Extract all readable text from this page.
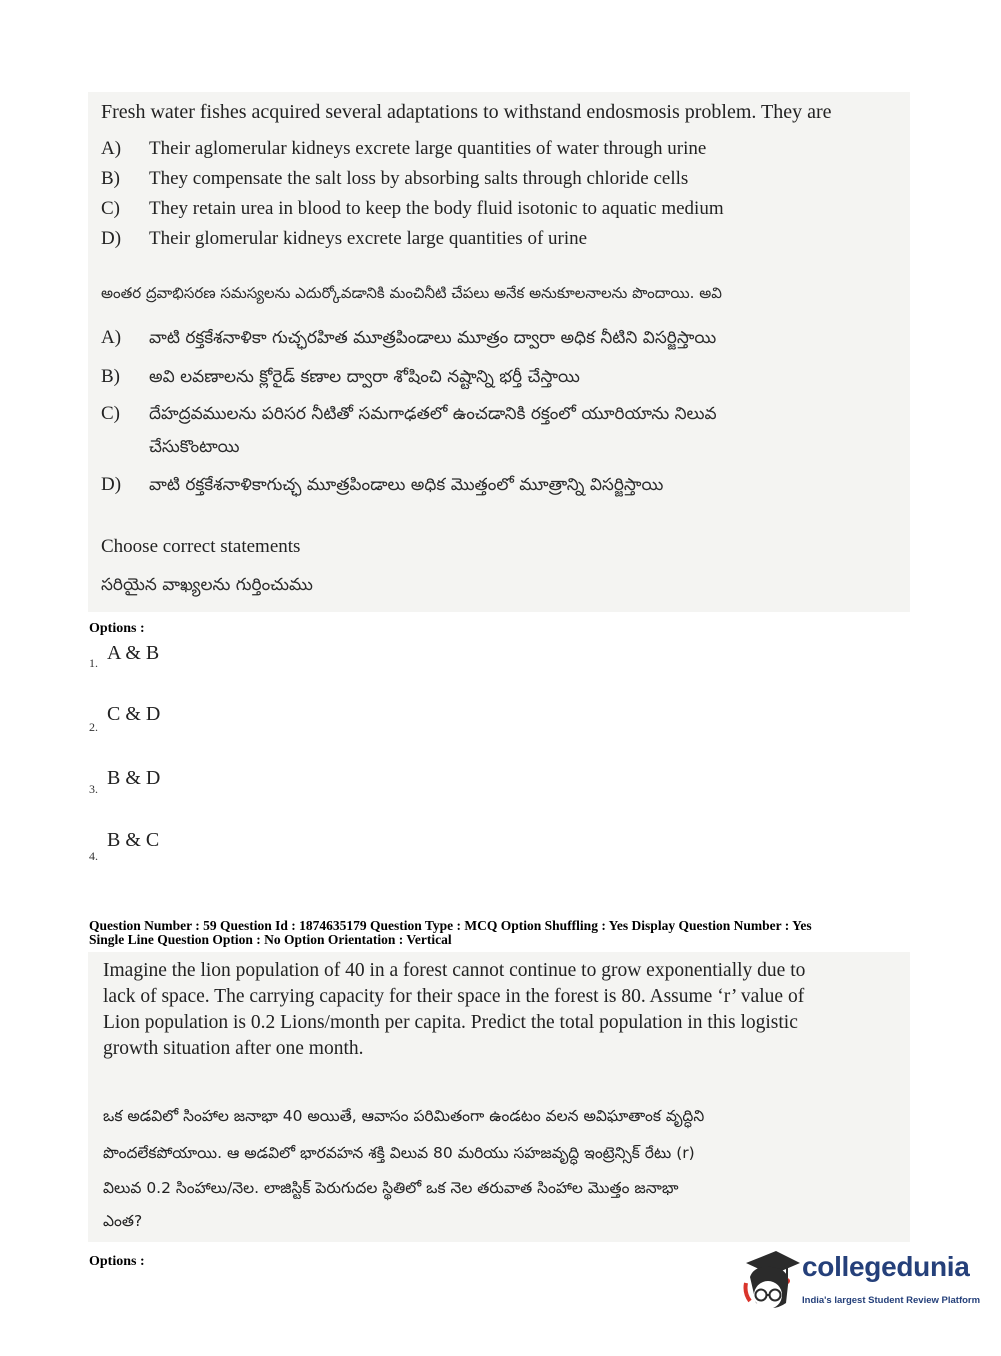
Fresh water fishes acquired several adaptations to withstand endosmosis problem. They are
A) Their aglomerular kidneys excrete large quantities of water through urine
B) They compensate the salt loss by absorbing salts through chloride cells
C) They retain urea in blood to keep the body fluid isotonic to aquatic medium
D) Their glomerular kidneys excrete large quantities of urine
అంతర ద్రవాభిసరణ సమస్యలను ఎదుర్కోవడానికి మంచినీటి చేపలు అనేక అనుకూలనాలను పొందాయి. అవి
A) వాటి రక్తకేశనాళికా గుచ్ఛరహిత మూత్రపిండాలు మూత్రం ద్వారా అధిక నీటిని విసర్జిస్తాయి
B) అవి లవణాలను క్లోరైడ్ కణాల ద్వారా శోషించి నష్టాన్ని భర్తీ చేస్తాయి
C) దేహద్రవములను పరిసర నీటితో సమగాఢతలో ఉంచడానికి రక్తంలో యూరియాను నిలువ
చేసుకొంటాయి
D) వాటి రక్తకేశనాళికాగుచ్ఛ మూత్రపిండాలు అధిక మొత్తంలో మూత్రాన్ని విసర్జిస్తాయి
Choose correct statements
సరియైన వాఖ్యలను గుర్తించుము
Options :
1. A & B
2.
C & D
3. B & D
4.
B & C
Question Number : 59 Question Id : 1874635179 Question Type : MCQ Option Shuffling : Yes Display Question Number : Yes
Single Line Question Option : No Option Orientation : Vertical
Imagine the lion population of 40 in a forest cannot continue to grow exponentially due to
lack of space. The carrying capacity for their space in the forest is 80. Assume ‘r’ value of
Lion population is 0.2 Lions/month per capita. Predict the total population in this logistic
growth situation after one month.
ఒక అడవిలో సింహాల జనాభా 40 అయితే, ఆవాసం పరిమితంగా ఉండటం వలన అవిఘాతాంక వృద్ధిని
పొందలేకపోయాయి. ఆ అడవిలో భారవహన శక్తి విలువ 80 మరియు సహజవృద్ధి ఇంట్రెన్సిక్ రేటు (r)
విలువ 0.2 సింహాలు/నెల. లాజిస్టిక్ పెరుగుదల స్థితిలో ఒక నెల తరువాత సింహాల మొత్తం జనాభా
ఎంత?
Options :	collegedunia
India's largest Student Review Platform
